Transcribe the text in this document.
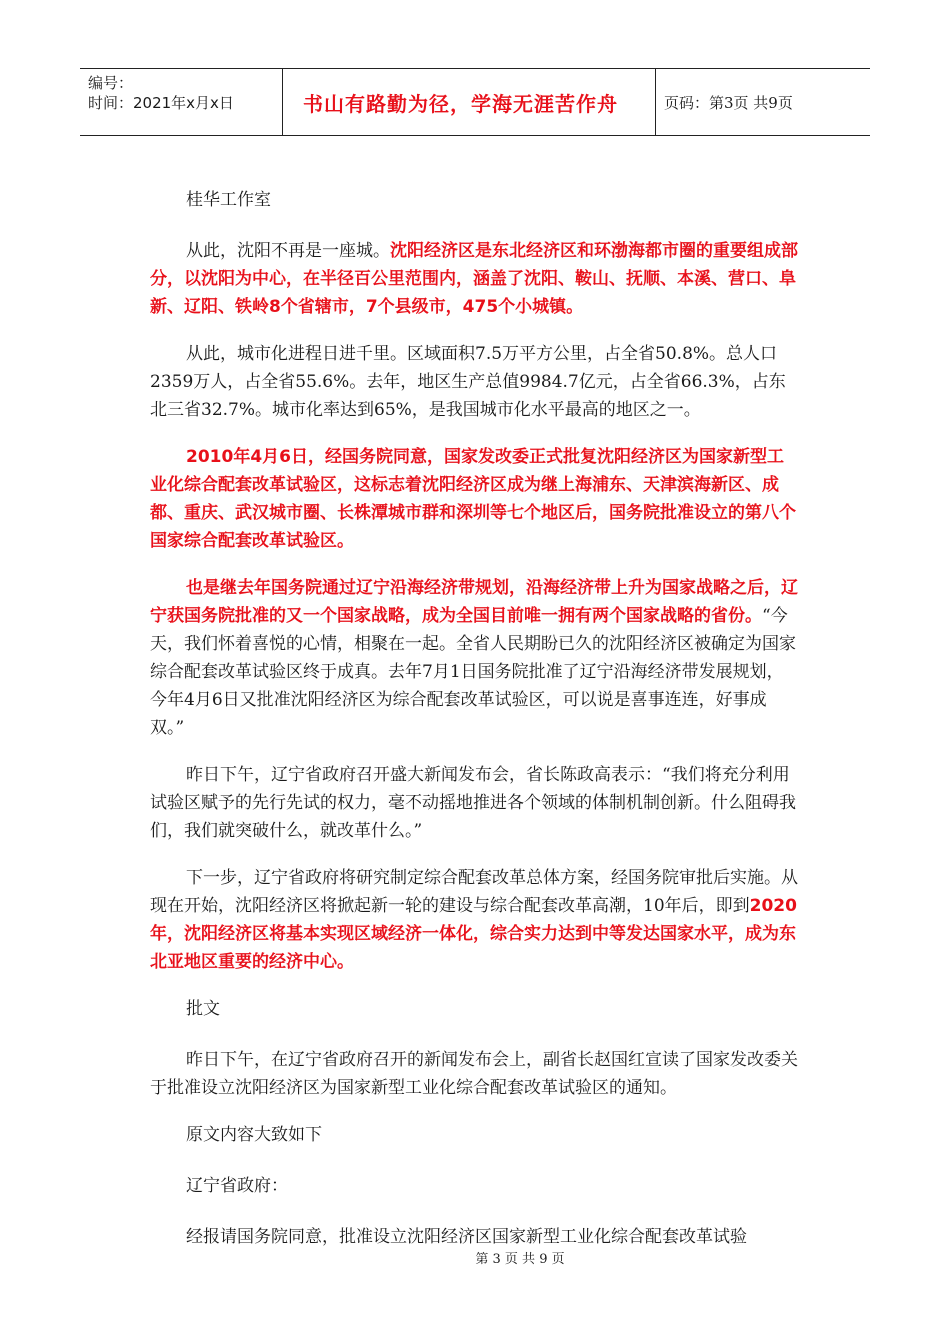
编号：
时间：2021年x月x日	书山有路勤为径，学海无涯苦作舟	页码：第3页 共9页

桂华工作室

从此，沈阳不再是一座城。沈阳经济区是东北经济区和环渤海都市圈的重要组成部分，以沈阳为中心，在半径百公里范围内，涵盖了沈阳、鞍山、抚顺、本溪、营口、阜新、辽阳、铁岭8个省辖市，7个县级市，475个小城镇。

从此，城市化进程日进千里。区域面积7.5万平方公里，占全省50.8%。总人口2359万人，占全省55.6%。去年，地区生产总值9984.7亿元，占全省66.3%，占东北三省32.7%。城市化率达到65%，是我国城市化水平最高的地区之一。

2010年4月6日，经国务院同意，国家发改委正式批复沈阳经济区为国家新型工业化综合配套改革试验区，这标志着沈阳经济区成为继上海浦东、天津滨海新区、成都、重庆、武汉城市圈、长株潭城市群和深圳等七个地区后，国务院批准设立的第八个国家综合配套改革试验区。

也是继去年国务院通过辽宁沿海经济带规划，沿海经济带上升为国家战略之后，辽宁获国务院批准的又一个国家战略，成为全国目前唯一拥有两个国家战略的省份。“今天，我们怀着喜悦的心情，相聚在一起。全省人民期盼已久的沈阳经济区被确定为国家综合配套改革试验区终于成真。去年7月1日国务院批准了辽宁沿海经济带发展规划，今年4月6日又批准沈阳经济区为综合配套改革试验区，可以说是喜事连连，好事成双。”

昨日下午，辽宁省政府召开盛大新闻发布会，省长陈政高表示：“我们将充分利用试验区赋予的先行先试的权力，毫不动摇地推进各个领域的体制机制创新。什么阻碍我们，我们就突破什么，就改革什么。”

下一步，辽宁省政府将研究制定综合配套改革总体方案，经国务院审批后实施。从现在开始，沈阳经济区将掀起新一轮的建设与综合配套改革高潮，10年后，即到2020年，沈阳经济区将基本实现区域经济一体化，综合实力达到中等发达国家水平，成为东北亚地区重要的经济中心。

批文

昨日下午，在辽宁省政府召开的新闻发布会上，副省长赵国红宣读了国家发改委关于批准设立沈阳经济区为国家新型工业化综合配套改革试验区的通知。

原文内容大致如下

辽宁省政府：

经报请国务院同意，批准设立沈阳经济区国家新型工业化综合配套改革试验

第 3 页 共 9 页
